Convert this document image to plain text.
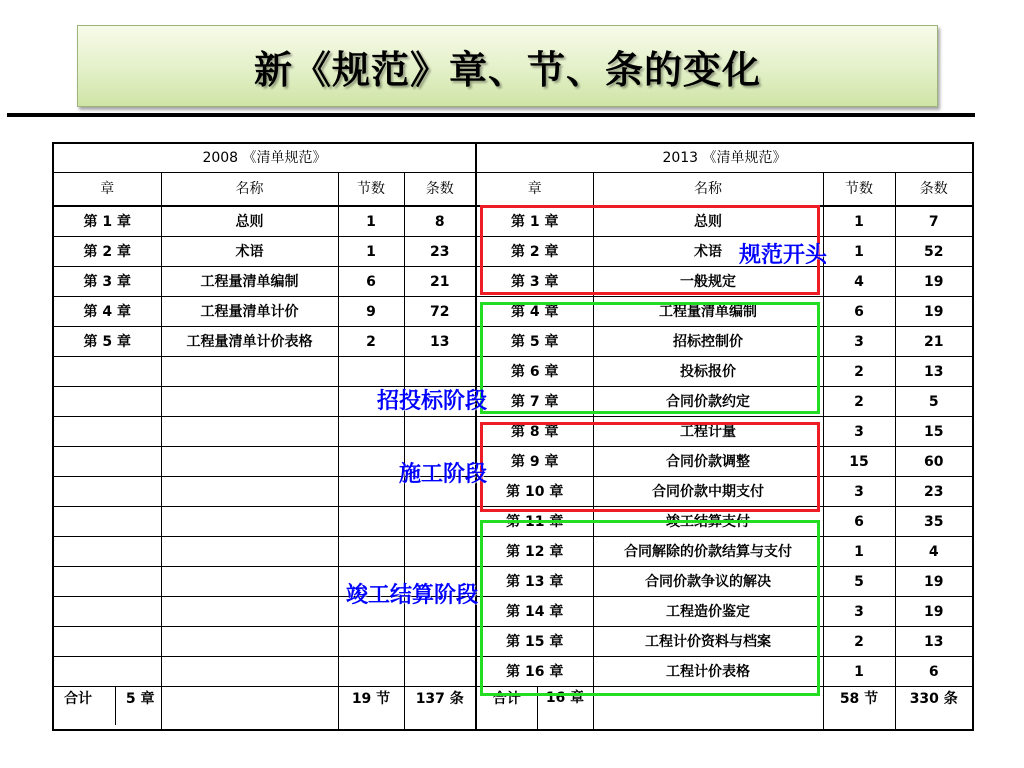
新《规范》章、节、条的变化
2008 《清单规范》				2013 《清单规范》				
章	名称	节数	条数	章		名称	节数	条数
第 1 章	总则	1	8	第 1 章		总则	1	7
第 2 章	术语	1	23	第 2 章		术语	1	52
第 3 章	工程量清单编制	6	21	第 3 章		一般规定	4	19
第 4 章	工程量清单计价	9	72	第 4 章		工程量清单编制	6	19
第 5 章	工程量清单计价表格	2	13	第 5 章		招标控制价	3	21
				第 6 章		投标报价	2	13
				第 7 章		合同价款约定	2	5
				第 8 章		工程计量	3	15
				第 9 章		合同价款调整	15	60
				第 10 章		合同价款中期支付	3	23
				第 11 章		竣工结算支付	6	35
				第 12 章		合同解除的价款结算与支付	1	4
				第 13 章		合同价款争议的解决	5	19
				第 14 章		工程造价鉴定	3	19
				第 15 章		工程计价资料与档案	2	13
				第 16 章		工程计价表格	1	6
合计 5 章		19 节	137 条	合计	16 章		58 节	330 条
规范开头
招投标阶段
施工阶段
竣工结算阶段
